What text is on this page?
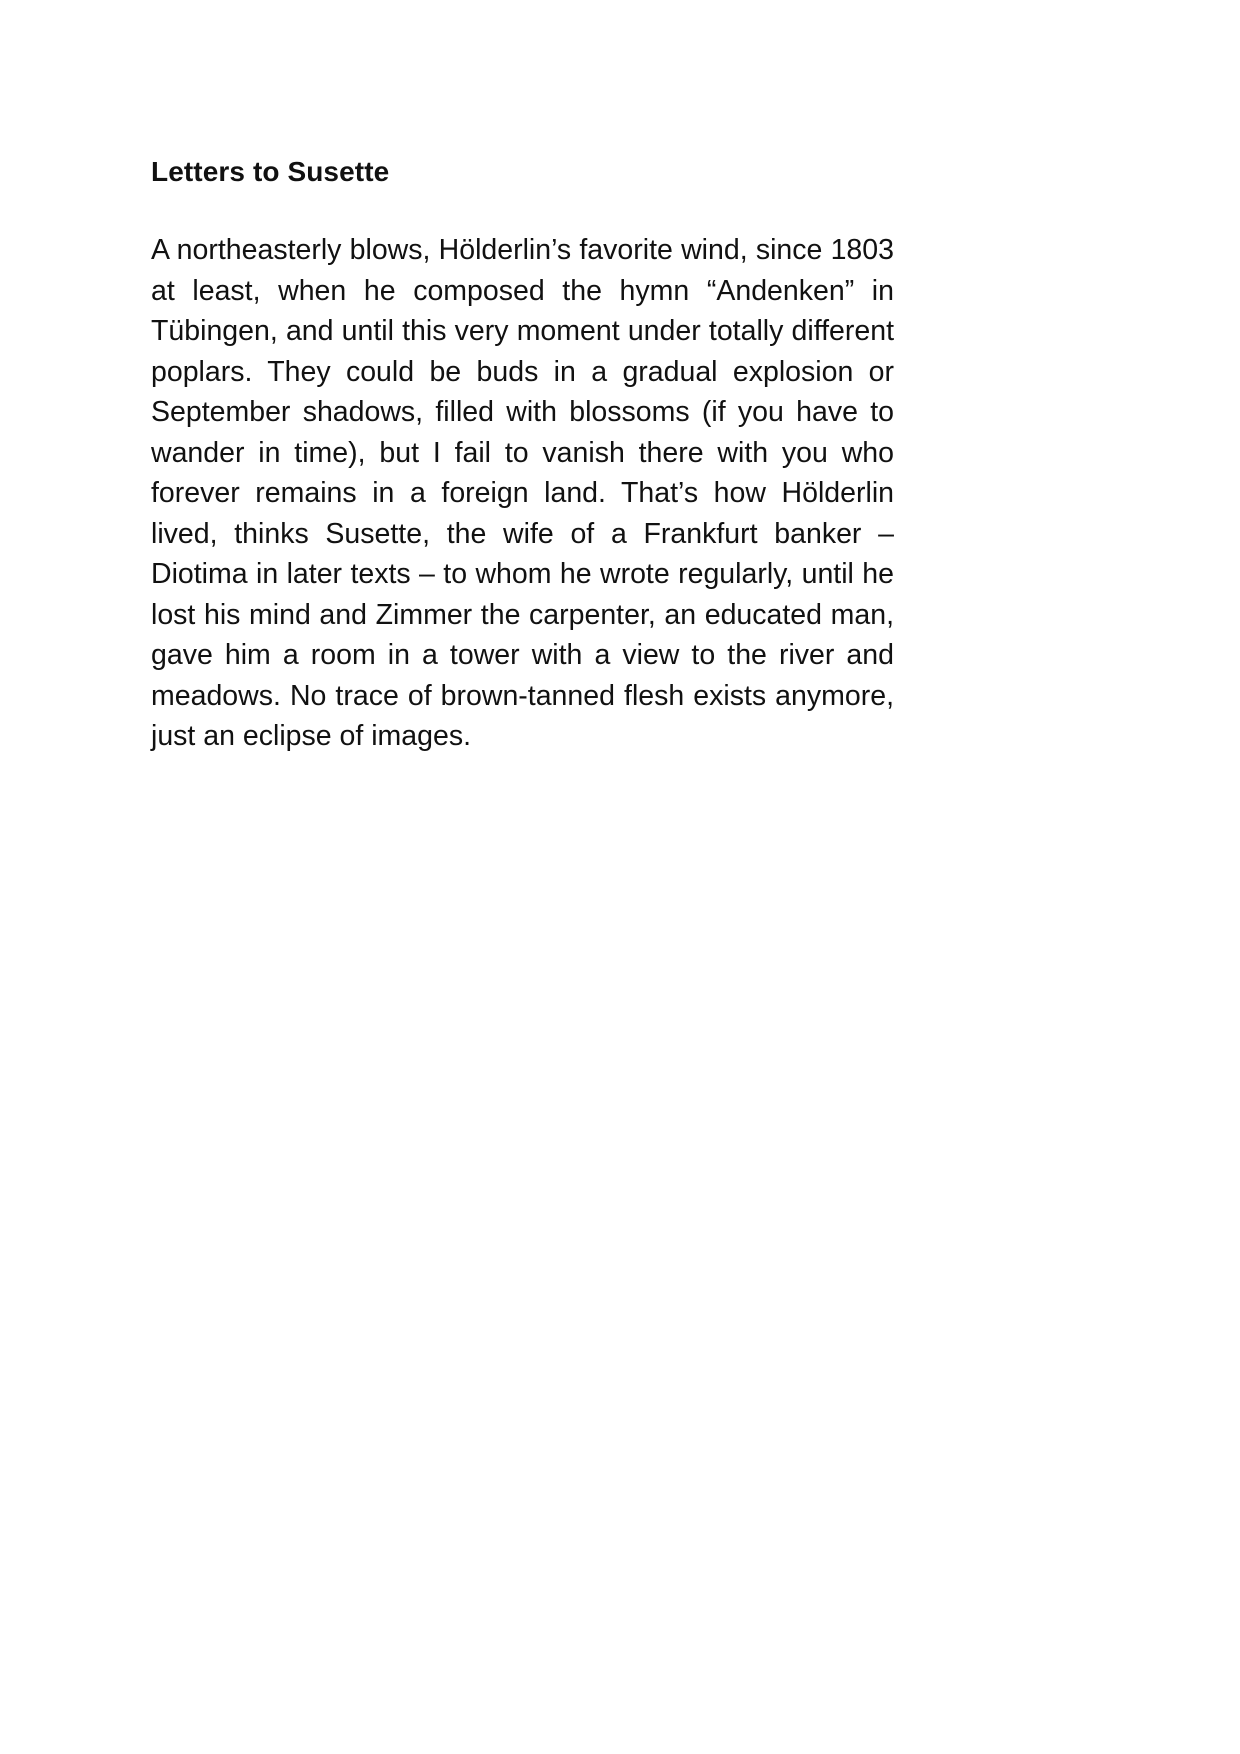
Letters to Susette

A northeasterly blows, Hölderlin’s favorite wind, since 1803 at least, when he composed the hymn “Andenken” in Tübingen, and until this very moment under totally different poplars. They could be buds in a gradual explosion or September shadows, filled with blossoms (if you have to wander in time), but I fail to vanish there with you who forever remains in a foreign land. That’s how Hölderlin lived, thinks Susette, the wife of a Frankfurt banker – Diotima in later texts – to whom he wrote regularly, until he lost his mind and Zimmer the carpenter, an educated man, gave him a room in a tower with a view to the river and meadows. No trace of brown-tanned flesh exists anymore, just an eclipse of images.
